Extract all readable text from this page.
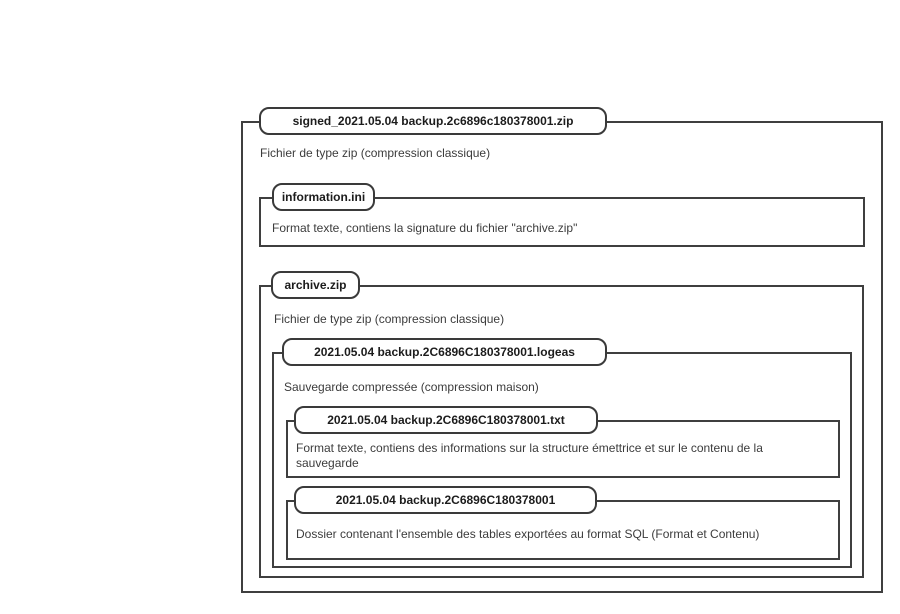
signed_2021.05.04 backup.2c6896c180378001.zip
Fichier de type zip (compression classique)
information.ini
Format texte, contiens la signature du fichier "archive.zip"
archive.zip
Fichier de type zip (compression classique)
2021.05.04 backup.2C6896C180378001.logeas
Sauvegarde compressée (compression maison)
2021.05.04 backup.2C6896C180378001.txt
Format texte, contiens des informations sur la structure émettrice et sur le contenu de la sauvegarde
2021.05.04 backup.2C6896C180378001
Dossier contenant l'ensemble des tables exportées au format SQL (Format et Contenu)
